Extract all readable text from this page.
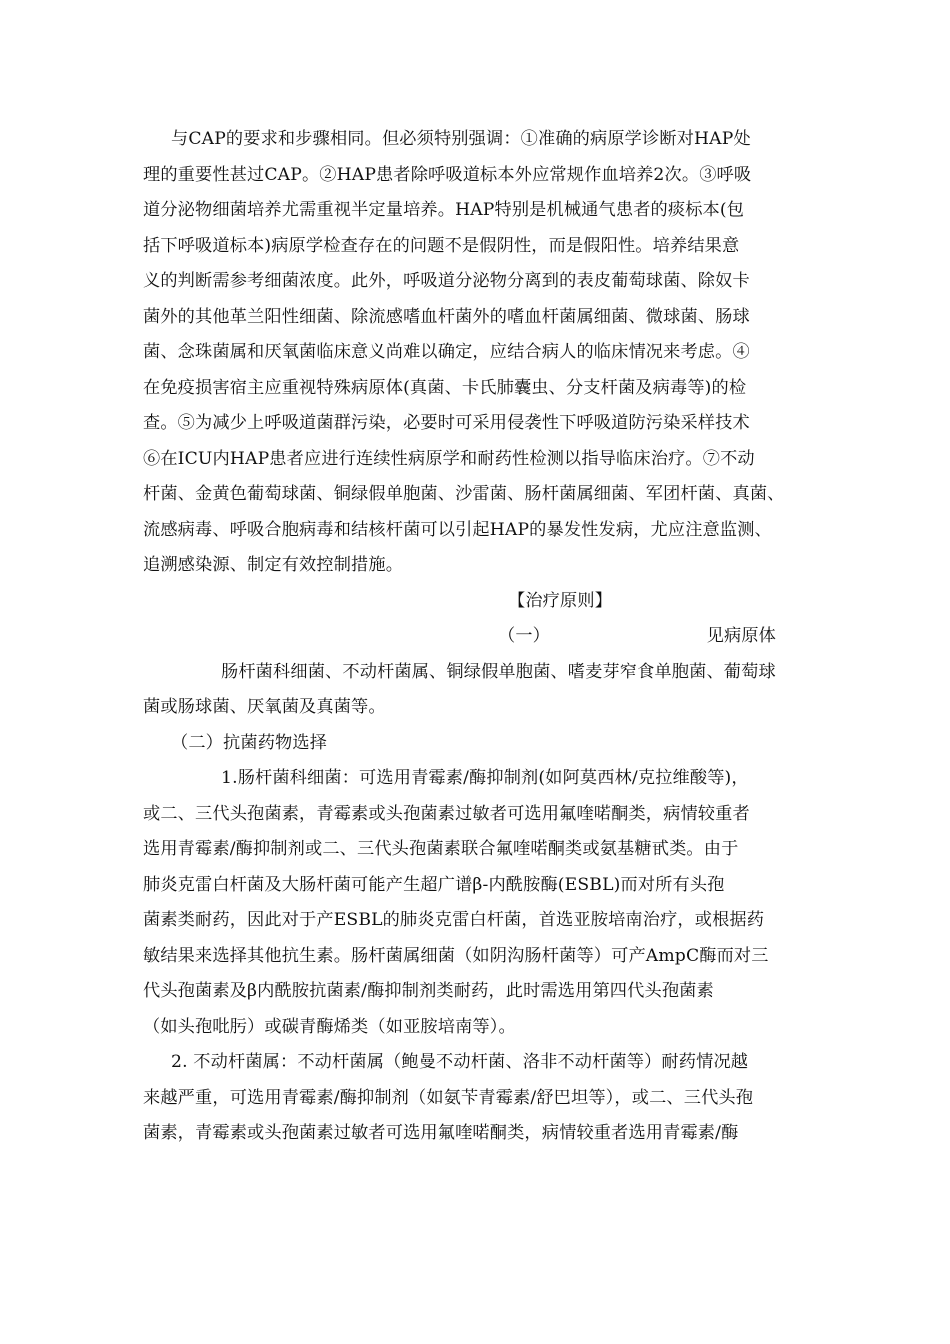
与CAP的要求和步骤相同。但必须特别强调：①准确的病原学诊断对HAP处
理的重要性甚过CAP。②HAP患者除呼吸道标本外应常规作血培养2次。③呼吸
道分泌物细菌培养尤需重视半定量培养。HAP特别是机械通气患者的痰标本(包
括下呼吸道标本)病原学检查存在的问题不是假阴性，而是假阳性。培养结果意
义的判断需参考细菌浓度。此外，呼吸道分泌物分离到的表皮葡萄球菌、除奴卡
菌外的其他革兰阳性细菌、除流感嗜血杆菌外的嗜血杆菌属细菌、微球菌、肠球
菌、念珠菌属和厌氧菌临床意义尚难以确定，应结合病人的临床情况来考虑。④
在免疫损害宿主应重视特殊病原体(真菌、卡氏肺囊虫、分支杆菌及病毒等)的检
查。⑤为减少上呼吸道菌群污染，必要时可采用侵袭性下呼吸道防污染采样技术
⑥在ICU内HAP患者应进行连续性病原学和耐药性检测以指导临床治疗。⑦不动
杆菌、金黄色葡萄球菌、铜绿假单胞菌、沙雷菌、肠杆菌属细菌、军团杆菌、真菌、
流感病毒、呼吸合胞病毒和结核杆菌可以引起HAP的暴发性发病，尤应注意监测、
追溯感染源、制定有效控制措施。
【治疗原则】
（一）	见病原体
肠杆菌科细菌、不动杆菌属、铜绿假单胞菌、嗜麦芽窄食单胞菌、葡萄球
菌或肠球菌、厌氧菌及真菌等。
（二）抗菌药物选择
1.肠杆菌科细菌：可选用青霉素/酶抑制剂(如阿莫西林/克拉维酸等)，
或二、三代头孢菌素，青霉素或头孢菌素过敏者可选用氟喹喏酮类，病情较重者
选用青霉素/酶抑制剂或二、三代头孢菌素联合氟喹喏酮类或氨基糖甙类。由于
肺炎克雷白杆菌及大肠杆菌可能产生超广谱β-内酰胺酶(ESBL)而对所有头孢
菌素类耐药，因此对于产ESBL的肺炎克雷白杆菌，首选亚胺培南治疗，或根据药
敏结果来选择其他抗生素。肠杆菌属细菌（如阴沟肠杆菌等）可产AmpC酶而对三
代头孢菌素及β内酰胺抗菌素/酶抑制剂类耐药，此时需选用第四代头孢菌素
（如头孢吡肟）或碳青酶烯类（如亚胺培南等）。
2. 不动杆菌属：不动杆菌属（鲍曼不动杆菌、洛非不动杆菌等）耐药情况越
来越严重，可选用青霉素/酶抑制剂（如氨苄青霉素/舒巴坦等），或二、三代头孢
菌素，青霉素或头孢菌素过敏者可选用氟喹喏酮类，病情较重者选用青霉素/酶
